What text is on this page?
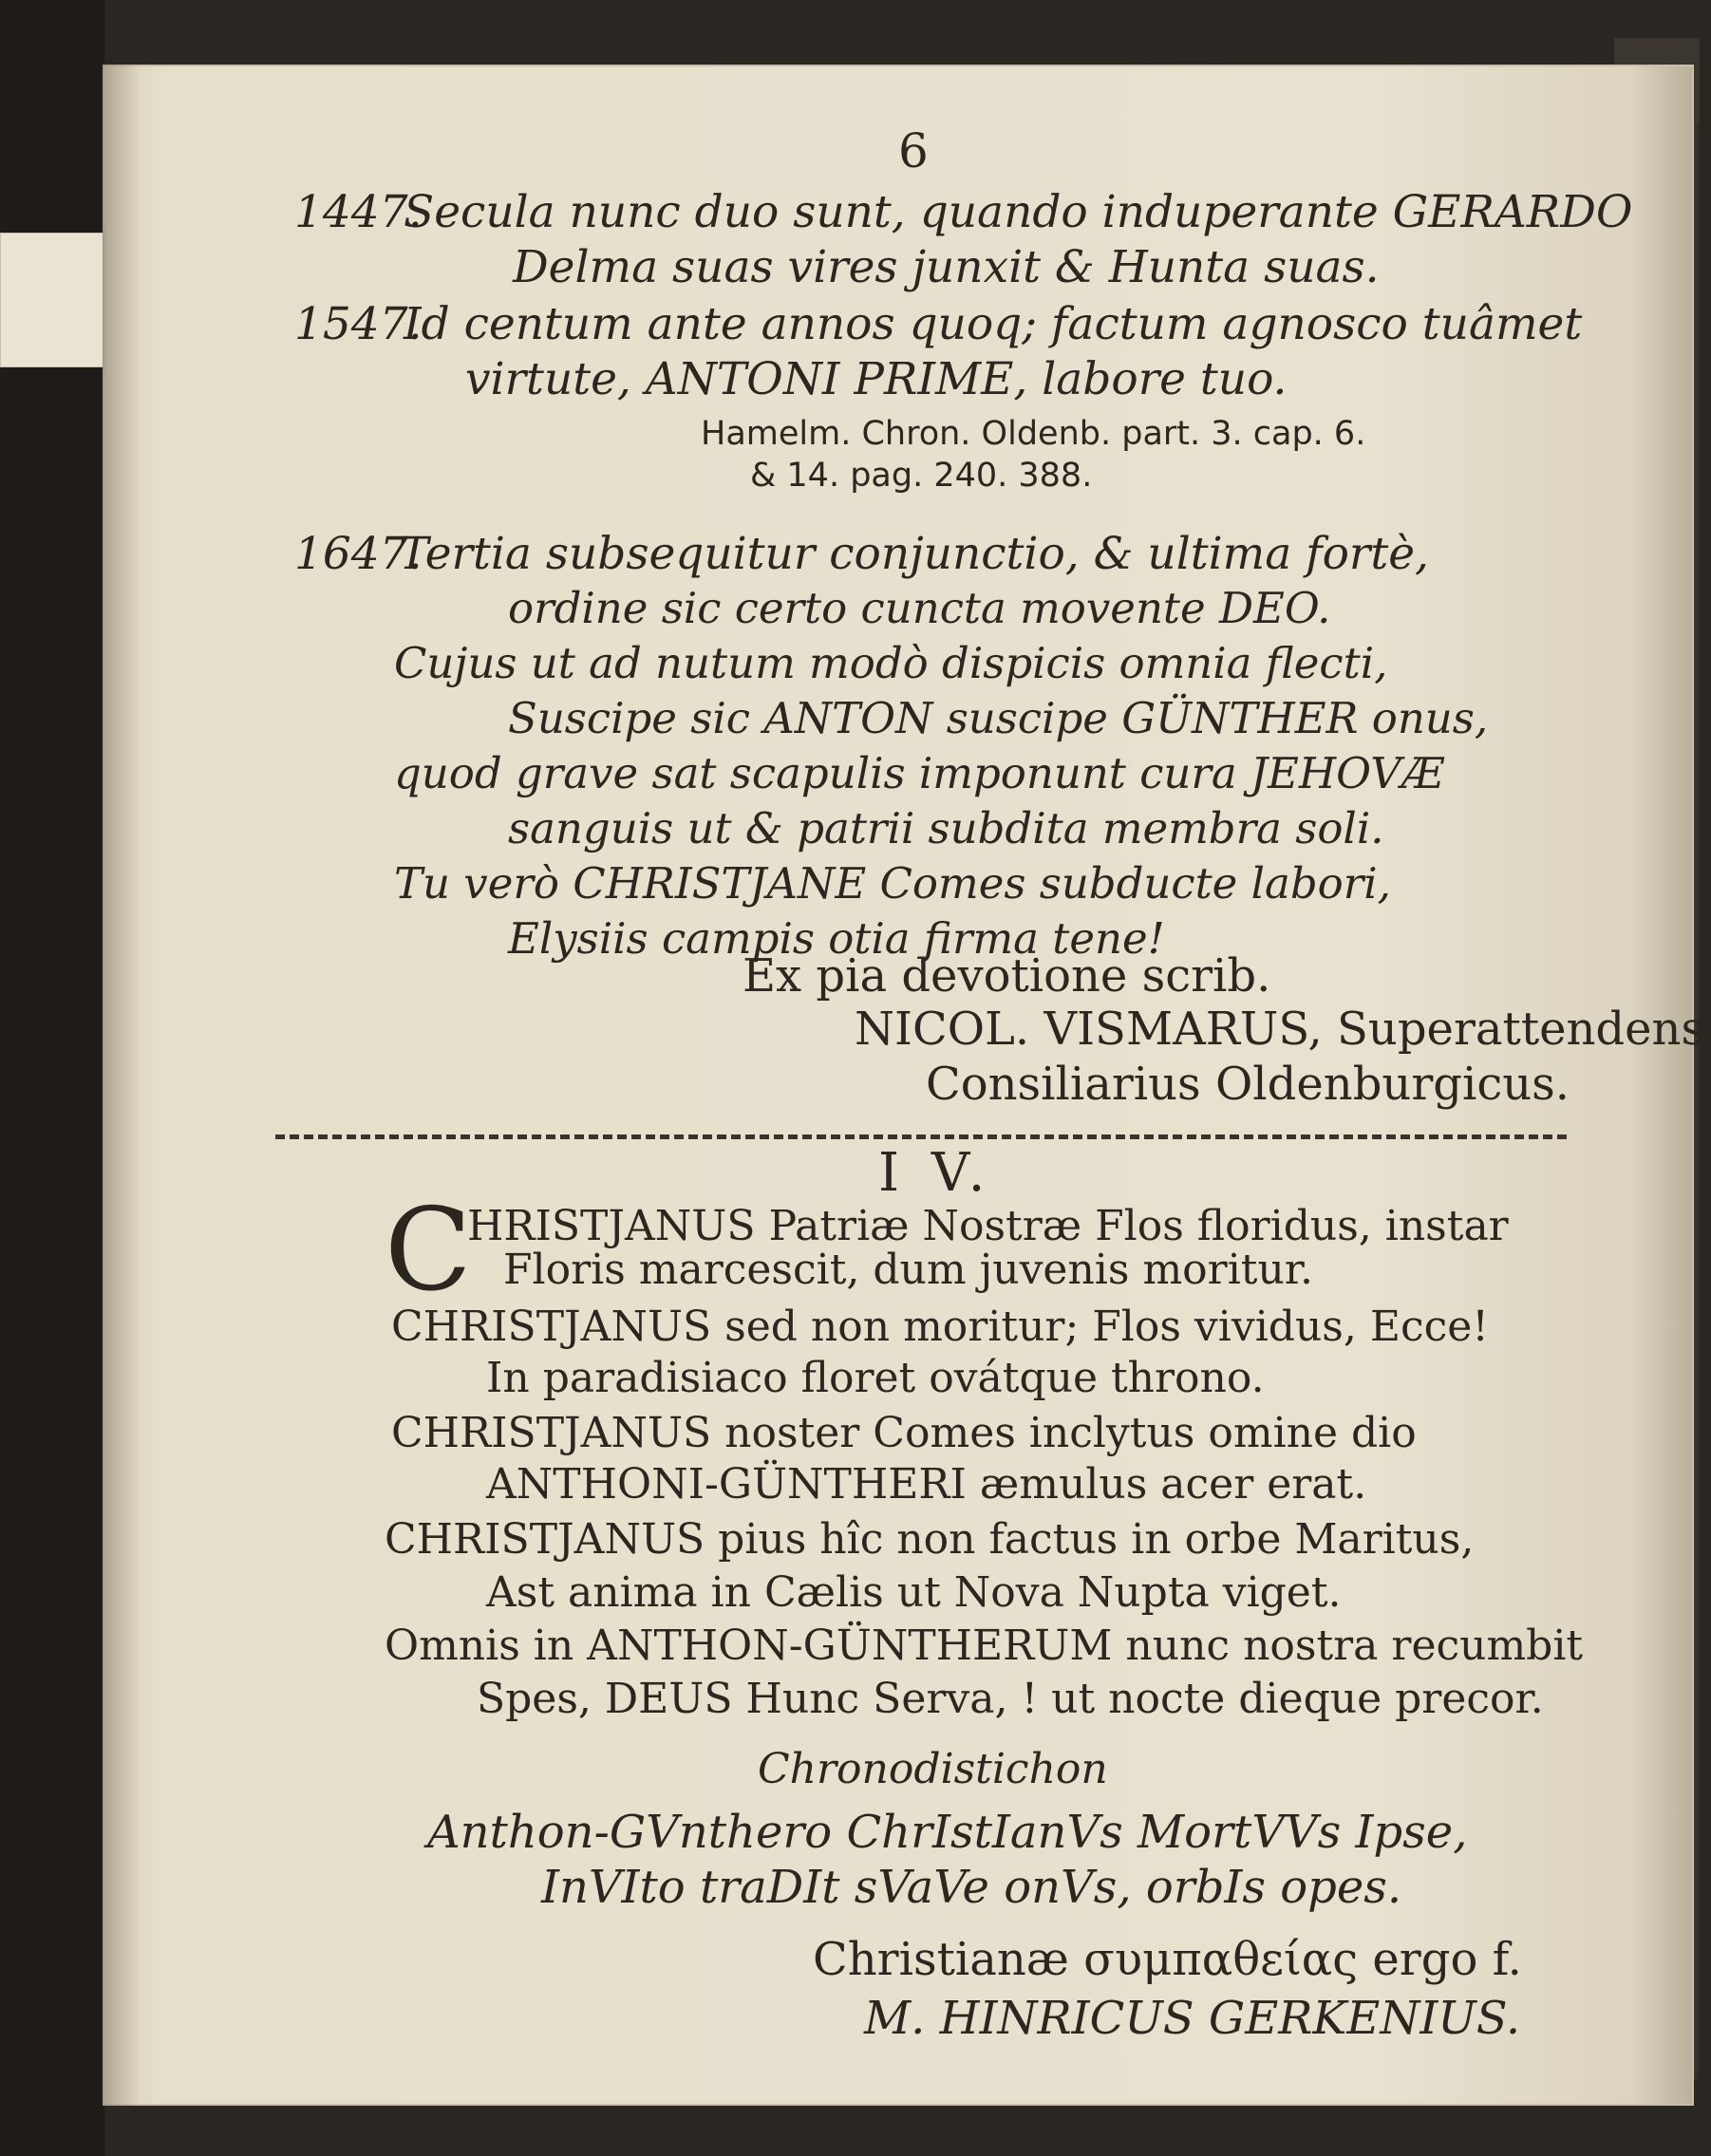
6

1447.

Secula nunc duo sunt, quando induperante GERARDO

Delma suas vires junxit & Hunta suas.

1547.

Id centum ante annos quoq; factum agnosco tuâmet

virtute, ANTONI PRIME, labore tuo.

Hamelm. Chron. Oldenb. part. 3. cap. 6.

& 14. pag. 240. 388.

1647.

Tertia subsequitur conjunctio, & ultima fortè,

ordine sic certo cuncta movente DEO.

Cujus ut ad nutum modò dispicis omnia flecti,

Suscipe sic ANTON suscipe GÜNTHER onus,

quod grave sat scapulis imponunt cura JEHOVÆ

sanguis ut & patrii subdita membra soli.

Tu verò CHRISTJANE Comes subducte labori,

Elysiis campis otia firma tene!

Ex pia devotione scrib.

NICOL. VISMARUS, Superattendens

Consiliarius Oldenburgicus.

I V.

C

HRISTJANUS Patriæ Nostræ Flos floridus, instar

Floris marcescit, dum juvenis moritur.

CHRISTJANUS sed non moritur; Flos vividus, Ecce!

In paradisiaco floret ovátque throno.

CHRISTJANUS noster Comes inclytus omine dio

ANTHONI-GÜNTHERI æmulus acer erat.

CHRISTJANUS pius hîc non factus in orbe Maritus,

Ast anima in Cælis ut Nova Nupta viget.

Omnis in ANTHON-GÜNTHERUM nunc nostra recumbit

Spes, DEUS Hunc Serva, ! ut nocte dieque precor.

Chronodistichon

Anthon-GVnthero ChrIstIanVs MortVVs Ipse,

InVIto traDIt sVaVe onVs, orbIs opes.

Christianæ συμπαθείας ergo f.

M. HINRICUS GERKENIUS.
